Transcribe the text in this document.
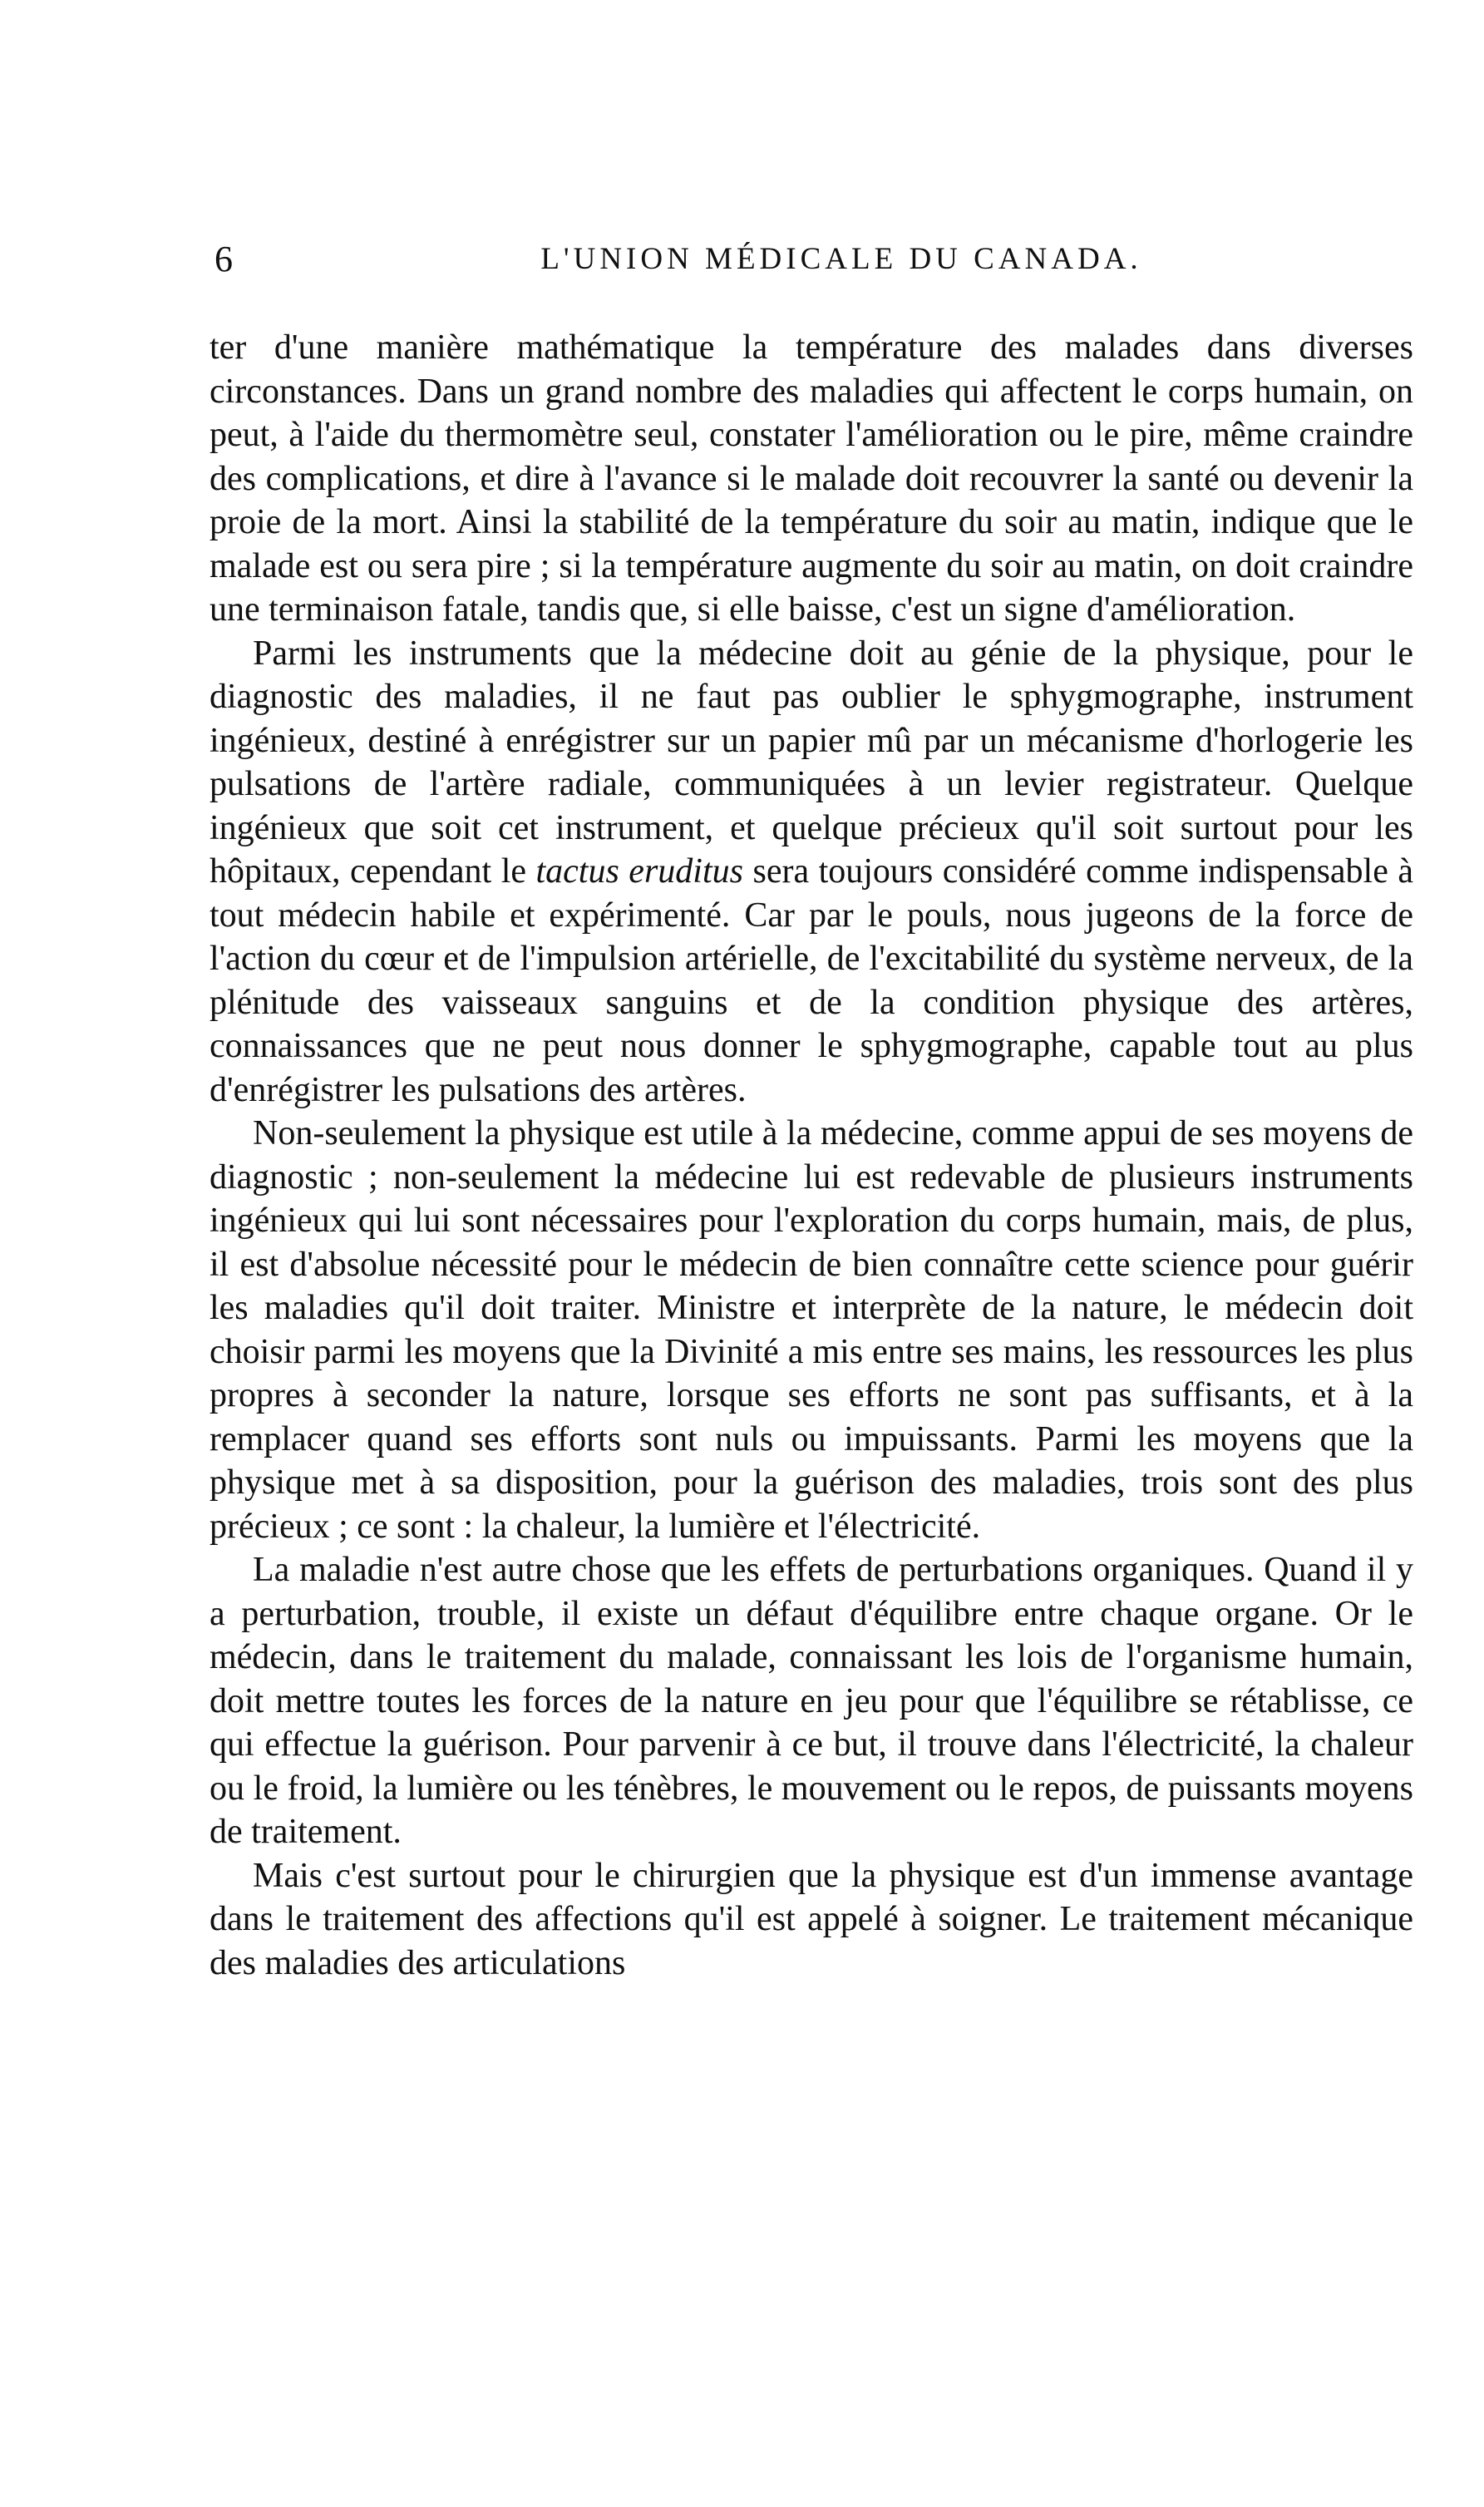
6	L'UNION MÉDICALE DU CANADA.

ter d'une manière mathématique la température des malades dans diverses circonstances. Dans un grand nombre des maladies qui affectent le corps humain, on peut, à l'aide du thermomètre seul, constater l'amélioration ou le pire, même craindre des complications, et dire à l'avance si le malade doit recouvrer la santé ou devenir la proie de la mort. Ainsi la stabilité de la température du soir au matin, indique que le malade est ou sera pire ; si la température augmente du soir au matin, on doit craindre une terminaison fatale, tandis que, si elle baisse, c'est un signe d'amélioration.

Parmi les instruments que la médecine doit au génie de la physique, pour le diagnostic des maladies, il ne faut pas oublier le sphygmographe, instrument ingénieux, destiné à enrégistrer sur un papier mû par un mécanisme d'horlogerie les pulsations de l'artère radiale, communiquées à un levier registrateur. Quelque ingénieux que soit cet instrument, et quelque précieux qu'il soit surtout pour les hôpitaux, cependant le tactus eruditus sera toujours considéré comme indispensable à tout médecin habile et expérimenté. Car par le pouls, nous jugeons de la force de l'action du cœur et de l'impulsion artérielle, de l'excitabilité du système nerveux, de la plénitude des vaisseaux sanguins et de la condition physique des artères, connaissances que ne peut nous donner le sphygmographe, capable tout au plus d'enrégistrer les pulsations des artères.

Non-seulement la physique est utile à la médecine, comme appui de ses moyens de diagnostic ; non-seulement la médecine lui est redevable de plusieurs instruments ingénieux qui lui sont nécessaires pour l'exploration du corps humain, mais, de plus, il est d'absolue nécessité pour le médecin de bien connaître cette science pour guérir les maladies qu'il doit traiter. Ministre et interprète de la nature, le médecin doit choisir parmi les moyens que la Divinité a mis entre ses mains, les ressources les plus propres à seconder la nature, lorsque ses efforts ne sont pas suffisants, et à la remplacer quand ses efforts sont nuls ou impuissants. Parmi les moyens que la physique met à sa disposition, pour la guérison des maladies, trois sont des plus précieux ; ce sont : la chaleur, la lumière et l'électricité.

La maladie n'est autre chose que les effets de perturbations organiques. Quand il y a perturbation, trouble, il existe un défaut d'équilibre entre chaque organe. Or le médecin, dans le traitement du malade, connaissant les lois de l'organisme humain, doit mettre toutes les forces de la nature en jeu pour que l'équilibre se rétablisse, ce qui effectue la guérison. Pour parvenir à ce but, il trouve dans l'électricité, la chaleur ou le froid, la lumière ou les ténèbres, le mouvement ou le repos, de puissants moyens de traitement.

Mais c'est surtout pour le chirurgien que la physique est d'un immense avantage dans le traitement des affections qu'il est appelé à soigner. Le traitement mécanique des maladies des articulations
